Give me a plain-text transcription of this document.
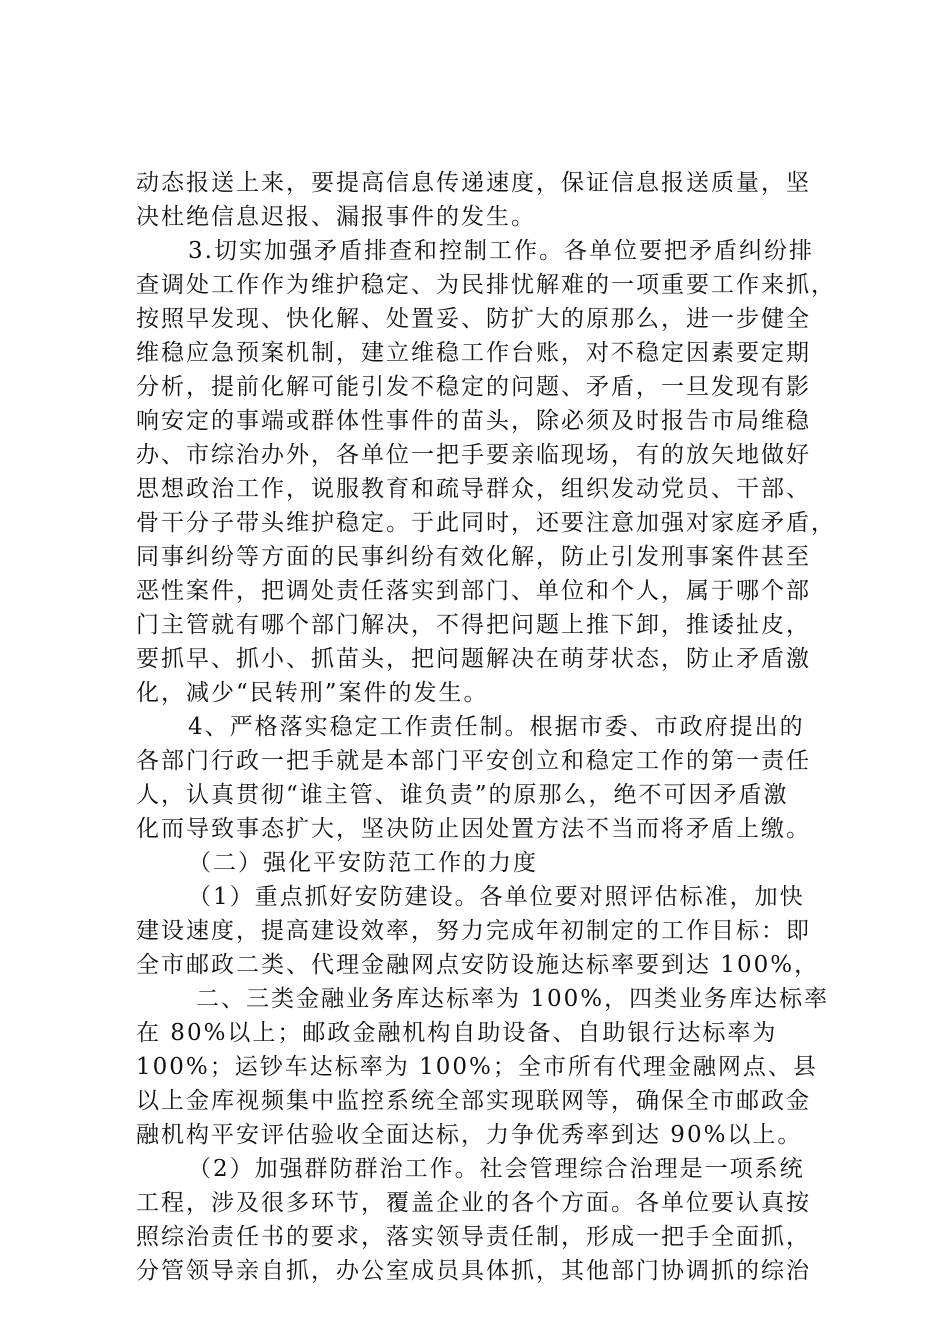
动态报送上来，要提高信息传递速度，保证信息报送质量，坚
决杜绝信息迟报、漏报事件的发生。
3.切实加强矛盾排查和控制工作。各单位要把矛盾纠纷排
查调处工作作为维护稳定、为民排忧解难的一项重要工作来抓，
按照早发现、快化解、处置妥、防扩大的原那么，进一步健全
维稳应急预案机制，建立维稳工作台账，对不稳定因素要定期
分析，提前化解可能引发不稳定的问题、矛盾，一旦发现有影
响安定的事端或群体性事件的苗头，除必须及时报告市局维稳
办、市综治办外，各单位一把手要亲临现场，有的放矢地做好
思想政治工作，说服教育和疏导群众，组织发动党员、干部、
骨干分子带头维护稳定。于此同时，还要注意加强对家庭矛盾，
同事纠纷等方面的民事纠纷有效化解，防止引发刑事案件甚至
恶性案件，把调处责任落实到部门、单位和个人，属于哪个部
门主管就有哪个部门解决，不得把问题上推下卸，推诿扯皮，
要抓早、抓小、抓苗头，把问题解决在萌芽状态，防止矛盾激
化，减少“民转刑”案件的发生。
4、严格落实稳定工作责任制。根据市委、市政府提出的
各部门行政一把手就是本部门平安创立和稳定工作的第一责任
人，认真贯彻“谁主管、谁负责”的原那么，绝不可因矛盾激
化而导致事态扩大，坚决防止因处置方法不当而将矛盾上缴。
（二）强化平安防范工作的力度
（1）重点抓好安防建设。各单位要对照评估标准，加快
建设速度，提高建设效率，努力完成年初制定的工作目标：即
全市邮政二类、代理金融网点安防设施达标率要到达 100%，
二、三类金融业务库达标率为 100%，四类业务库达标率
在 80%以上；邮政金融机构自助设备、自助银行达标率为
100%；运钞车达标率为 100%；全市所有代理金融网点、县
以上金库视频集中监控系统全部实现联网等，确保全市邮政金
融机构平安评估验收全面达标，力争优秀率到达 90%以上。
（2）加强群防群治工作。社会管理综合治理是一项系统
工程，涉及很多环节，覆盖企业的各个方面。各单位要认真按
照综治责任书的要求，落实领导责任制，形成一把手全面抓，
分管领导亲自抓，办公室成员具体抓，其他部门协调抓的综治
